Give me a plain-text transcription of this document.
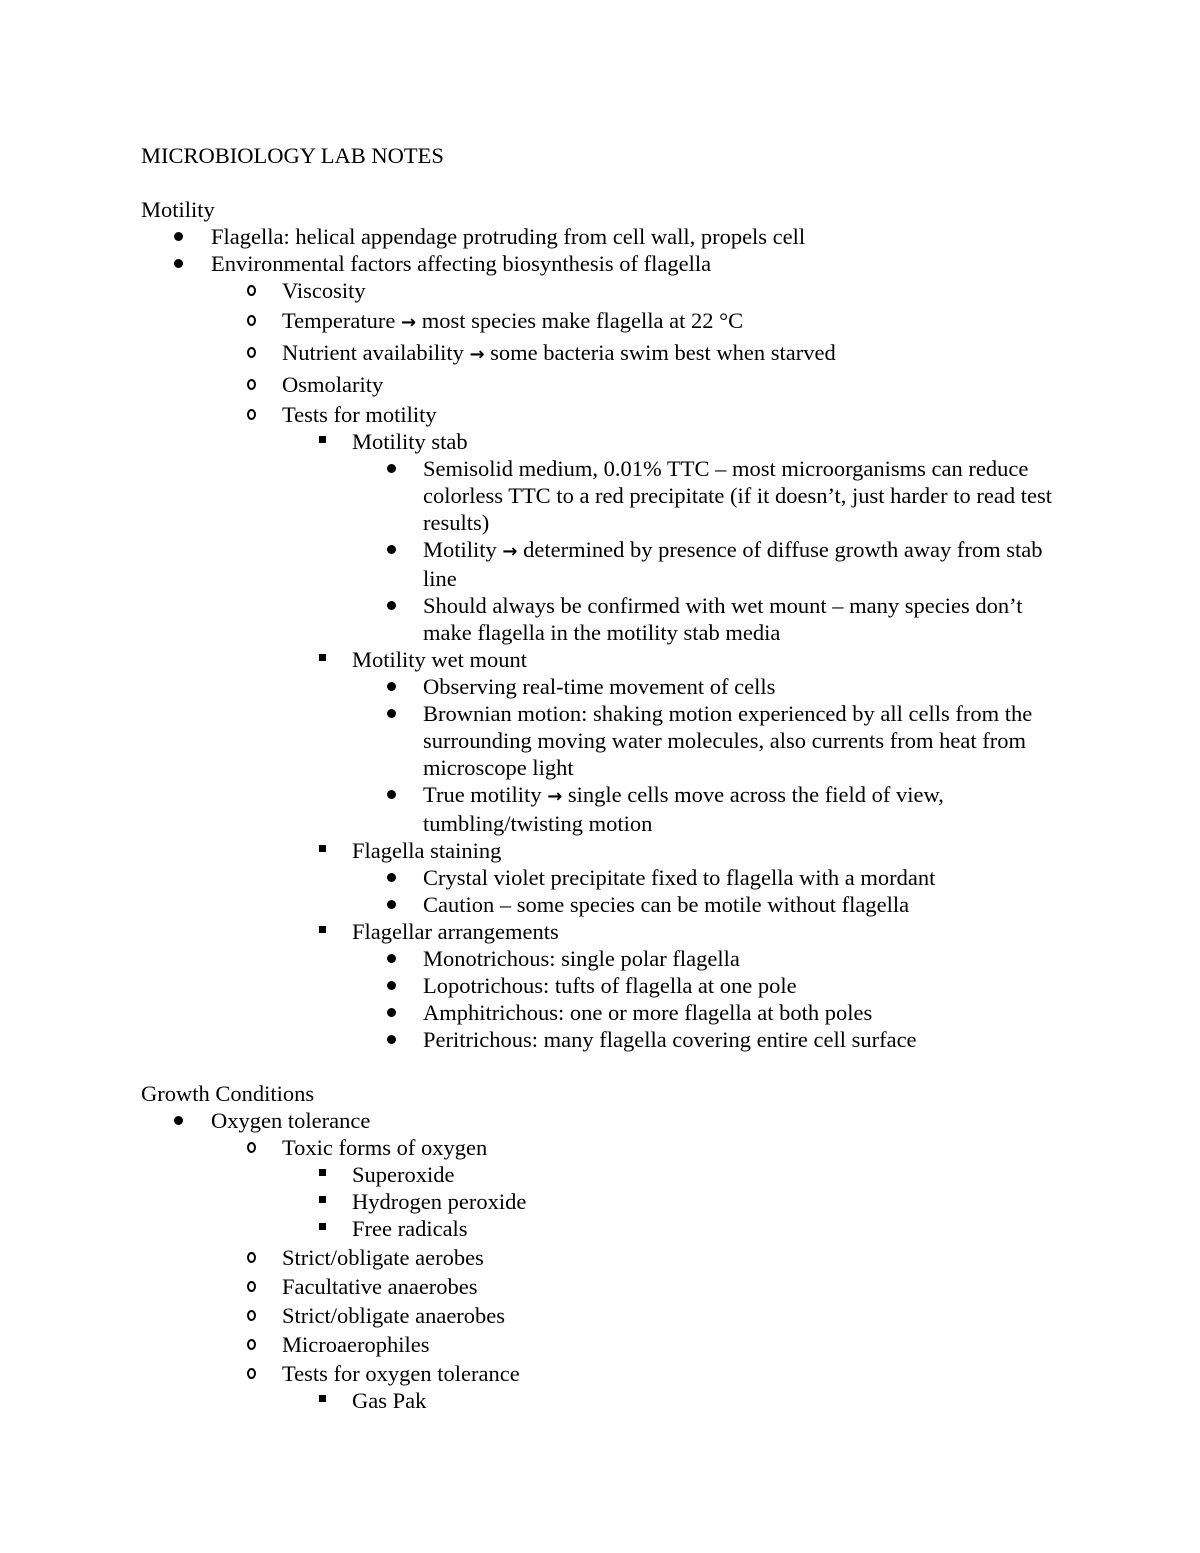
MICROBIOLOGY LAB NOTES
Motility
Flagella: helical appendage protruding from cell wall, propels cell
Environmental factors affecting biosynthesis of flagella
Viscosity
Temperature → most species make flagella at 22 °C
Nutrient availability → some bacteria swim best when starved
Osmolarity
Tests for motility
Motility stab
Semisolid medium, 0.01% TTC – most microorganisms can reduce colorless TTC to a red precipitate (if it doesn’t, just harder to read test results)
Motility → determined by presence of diffuse growth away from stab line
Should always be confirmed with wet mount – many species don’t make flagella in the motility stab media
Motility wet mount
Observing real-time movement of cells
Brownian motion: shaking motion experienced by all cells from the surrounding moving water molecules, also currents from heat from microscope light
True motility → single cells move across the field of view, tumbling/twisting motion
Flagella staining
Crystal violet precipitate fixed to flagella with a mordant
Caution – some species can be motile without flagella
Flagellar arrangements
Monotrichous: single polar flagella
Lopotrichous: tufts of flagella at one pole
Amphitrichous: one or more flagella at both poles
Peritrichous: many flagella covering entire cell surface
Growth Conditions
Oxygen tolerance
Toxic forms of oxygen
Superoxide
Hydrogen peroxide
Free radicals
Strict/obligate aerobes
Facultative anaerobes
Strict/obligate anaerobes
Microaerophiles
Tests for oxygen tolerance
Gas Pak
